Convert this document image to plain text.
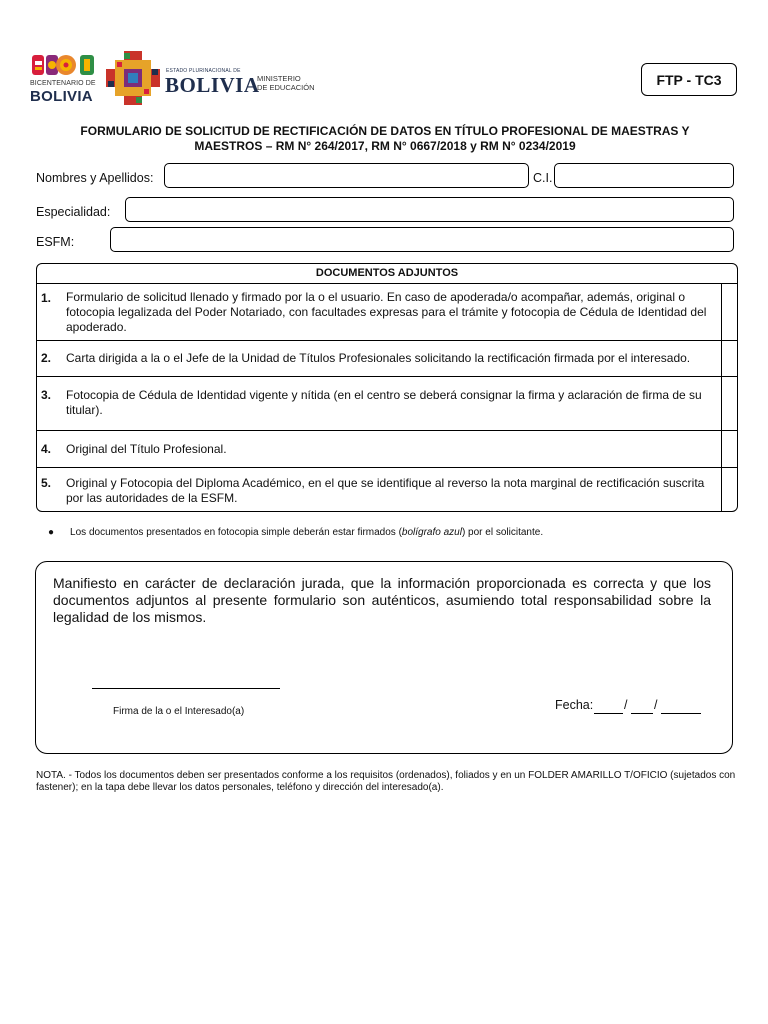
BICENTENARIO DE
BOLIVIA
ESTADO PLURINACIONAL DE
BOLIVIA
MINISTERIO
DE EDUCACIÓN	FTP - TC3
FORMULARIO DE SOLICITUD DE RECTIFICACIÓN DE DATOS EN TÍTULO PROFESIONAL DE MAESTRAS Y
MAESTROS – RM N° 264/2017, RM N° 0667/2018 y RM N° 0234/2019
Nombres y Apellidos:	C.I.
Especialidad:
ESFM:
DOCUMENTOS ADJUNTOS
1. Formulario de solicitud llenado y firmado por la o el usuario. En caso de apoderada/o acompañar, además, original o fotocopia legalizada del Poder Notariado, con facultades expresas para el trámite y fotocopia de Cédula de Identidad del apoderado.
2. Carta dirigida a la o el Jefe de la Unidad de Títulos Profesionales solicitando la rectificación firmada por el interesado.
3. Fotocopia de Cédula de Identidad vigente y nítida (en el centro se deberá consignar la firma y aclaración de firma de su titular).
4. Original del Título Profesional.
5. Original y Fotocopia del Diploma Académico, en el que se identifique al reverso la nota marginal de rectificación suscrita por las autoridades de la ESFM.
● Los documentos presentados en fotocopia simple deberán estar firmados (bolígrafo azul) por el solicitante.
Manifiesto en carácter de declaración jurada, que la información proporcionada es correcta y que los documentos adjuntos al presente formulario son auténticos, asumiendo total responsabilidad sobre la legalidad de los mismos.
Firma de la o el Interesado(a)	Fecha: / /
NOTA. - Todos los documentos deben ser presentados conforme a los requisitos (ordenados), foliados y en un FOLDER AMARILLO T/OFICIO (sujetados con fastener); en la tapa debe llevar los datos personales, teléfono y dirección del interesado(a).
